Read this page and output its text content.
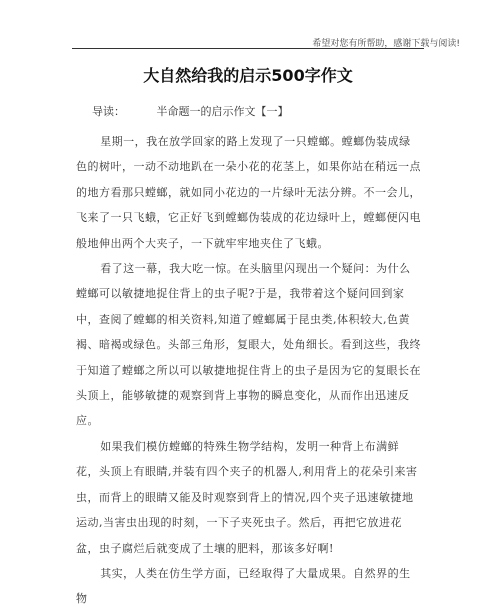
希望对您有所帮助，感谢下载与阅读!
大自然给我的启示500字作文
导读：	半命题一的启示作文【一】

星期一，我在放学回家的路上发现了一只螳螂。螳螂伪装成绿色的树叶，一动不动地趴在一朵小花的花茎上，如果你站在稍远一点的地方看那只螳螂，就如同小花边的一片绿叶无法分辨。不一会儿，飞来了一只飞蛾，它正好飞到螳螂伪装成的花边绿叶上，螳螂便闪电般地伸出两个大夹子，一下就牢牢地夹住了飞蛾。

看了这一幕，我大吃一惊。在头脑里闪现出一个疑问：为什么螳螂可以敏捷地捉住背上的虫子呢?于是，我带着这个疑问回到家中，查阅了螳螂的相关资料,知道了螳螂属于昆虫类,体积较大,色黄褐、暗褐或绿色。头部三角形，复眼大，处角细长。看到这些，我终于知道了螳螂之所以可以敏捷地捉住背上的虫子是因为它的复眼长在头顶上，能够敏捷的观察到背上事物的瞬息变化，从而作出迅速反应。

如果我们模仿螳螂的特殊生物学结构，发明一种背上布满鲜花，头顶上有眼睛,并装有四个夹子的机器人,利用背上的花朵引来害虫，而背上的眼睛又能及时观察到背上的情况,四个夹子迅速敏捷地运动,当害虫出现的时刻，一下子夹死虫子。然后，再把它放进花盆，虫子腐烂后就变成了土壤的肥料，那该多好啊!

其实，人类在仿生学方面，已经取得了大量成果。自然界的生物
